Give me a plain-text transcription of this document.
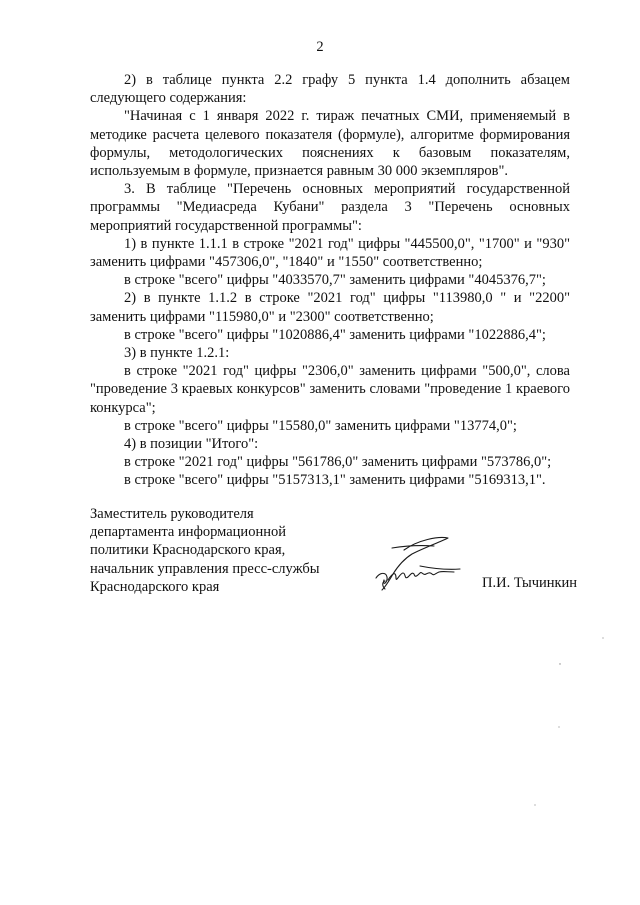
2

2) в таблице пункта 2.2 графу 5 пункта 1.4 дополнить абзацем следующего содержания:

"Начиная с 1 января 2022 г. тираж печатных СМИ, применяемый в методике расчета целевого показателя (формуле), алгоритме формирования формулы, методологических пояснениях к базовым показателям, используемым в формуле, признается равным 30 000 экземпляров".

3. В таблице "Перечень основных мероприятий государственной программы "Медиасреда Кубани" раздела 3 "Перечень основных мероприятий государственной программы":

1) в пункте 1.1.1 в строке "2021 год" цифры "445500,0", "1700" и "930" заменить цифрами "457306,0", "1840" и "1550" соответственно;

в строке "всего" цифры "4033570,7" заменить цифрами "4045376,7";

2) в пункте 1.1.2 в строке "2021 год" цифры "113980,0 " и "2200" заменить цифрами "115980,0" и "2300" соответственно;

в строке "всего" цифры "1020886,4" заменить цифрами "1022886,4";

3) в пункте 1.2.1:

в строке "2021 год" цифры "2306,0" заменить цифрами "500,0", слова "проведение 3 краевых конкурсов" заменить словами "проведение 1 краевого конкурса";

в строке "всего" цифры "15580,0" заменить цифрами "13774,0";

4) в позиции "Итого":

в строке "2021 год" цифры "561786,0" заменить цифрами "573786,0";

в строке "всего" цифры "5157313,1" заменить цифрами "5169313,1".

Заместитель руководителя
департамента информационной
политики Краснодарского края,
начальник управления пресс-службы
Краснодарского края	П.И. Тычинкин
